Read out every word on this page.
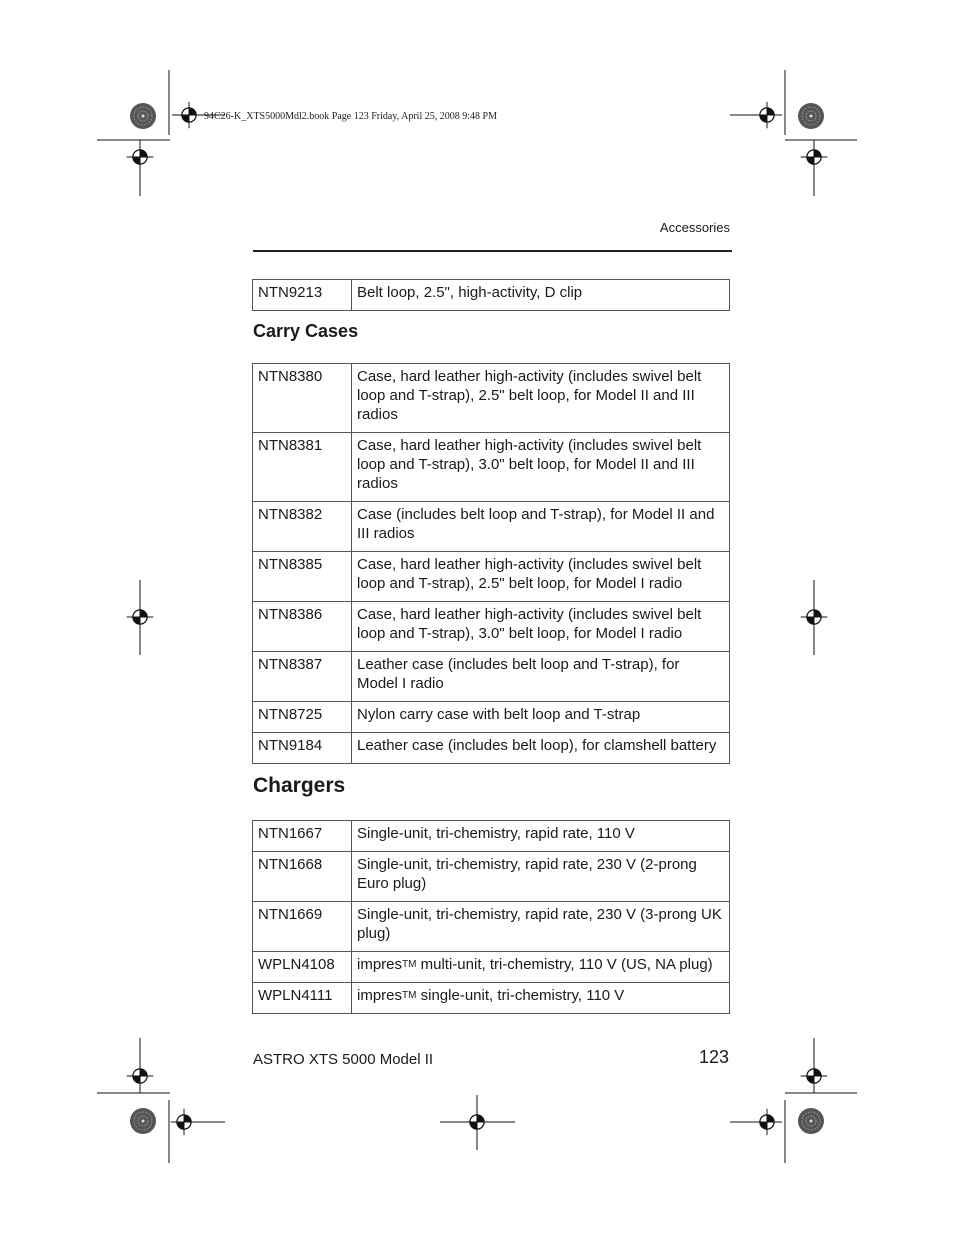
94C26-K_XTS5000Mdl2.book Page 123 Friday, April 25, 2008 9:48 PM
Accessories
NTN9213	Belt loop, 2.5", high-activity, D clip
Carry Cases
NTN8380	Case, hard leather high-activity (includes swivel belt loop and T-strap), 2.5" belt loop, for Model II and III radios
NTN8381	Case, hard leather high-activity (includes swivel belt loop and T-strap), 3.0" belt loop, for Model II and III radios
NTN8382	Case (includes belt loop and T-strap), for Model II and III radios
NTN8385	Case, hard leather high-activity (includes swivel belt loop and T-strap), 2.5" belt loop, for Model I radio
NTN8386	Case, hard leather high-activity (includes swivel belt loop and T-strap), 3.0" belt loop, for Model I radio
NTN8387	Leather case (includes belt loop and T-strap), for Model I radio
NTN8725	Nylon carry case with belt loop and T-strap
NTN9184	Leather case (includes belt loop), for clamshell battery
Chargers
NTN1667	Single-unit, tri-chemistry, rapid rate, 110 V
NTN1668	Single-unit, tri-chemistry, rapid rate, 230 V (2-prong Euro plug)
NTN1669	Single-unit, tri-chemistry, rapid rate, 230 V (3-prong UK plug)
WPLN4108	impresTM multi-unit, tri-chemistry, 110 V (US, NA plug)
WPLN4111	impresTM single-unit, tri-chemistry, 110 V
ASTRO XTS 5000 Model II	123
